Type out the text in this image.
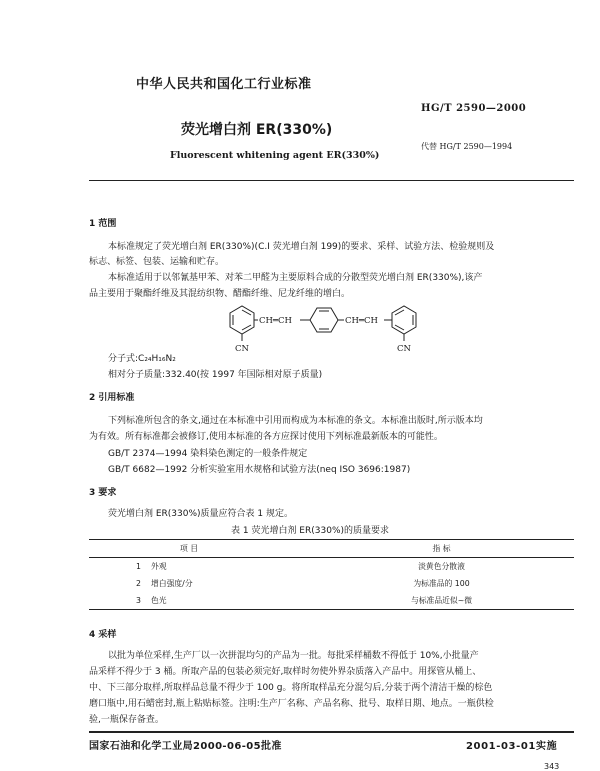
中华人民共和国化工行业标准
HG/T 2590—2000
荧光增白剂 ER(330%)
代替 HG/T 2590—1994
Fluorescent whitening agent ER(330%)
1 范围
本标准规定了荧光增白剂 ER(330%)(C.I 荧光增白剂 199)的要求、采样、试验方法、检验规则及
标志、标签、包装、运输和贮存。
本标准适用于以邻氰基甲苯、对苯二甲醛为主要原料合成的分散型荧光增白剂 ER(330%),该产
品主要用于聚酯纤维及其混纺织物、醋酯纤维、尼龙纤维的增白。
CH═CH	CH═CH
CN	CN
分子式:C₂₄H₁₆N₂
相对分子质量:332.40(按 1997 年国际相对原子质量)
2 引用标准
下列标准所包含的条文,通过在本标准中引用而构成为本标准的条文。本标准出版时,所示版本均
为有效。所有标准都会被修订,使用本标准的各方应探讨使用下列标准最新版本的可能性。
GB/T 2374—1994 染料染色测定的一般条件规定
GB/T 6682—1992 分析实验室用水规格和试验方法(neq ISO 3696:1987)
3 要求
荧光增白剂 ER(330%)质量应符合表 1 规定。
表 1 荧光增白剂 ER(330%)的质量要求
项 目		指 标
1 外观		淡黄色分散液
2 增白强度/分		为标准品的 100
3 色光		与标准品近似~微
4 采样
以批为单位采样,生产厂以一次拼混均匀的产品为一批。每批采样桶数不得低于 10%,小批量产
品采样不得少于 3 桶。所取产品的包装必须完好,取样时勿使外界杂质落入产品中。用探管从桶上、
中、下三部分取样,所取样品总量不得少于 100 g。将所取样品充分混匀后,分装于两个清洁干燥的棕色
磨口瓶中,用石蜡密封,瓶上粘贴标签。注明:生产厂名称、产品名称、批号、取样日期、地点。一瓶供检
验,一瓶保存备查。
国家石油和化学工业局2000-06-05批准	2001-03-01实施
343
